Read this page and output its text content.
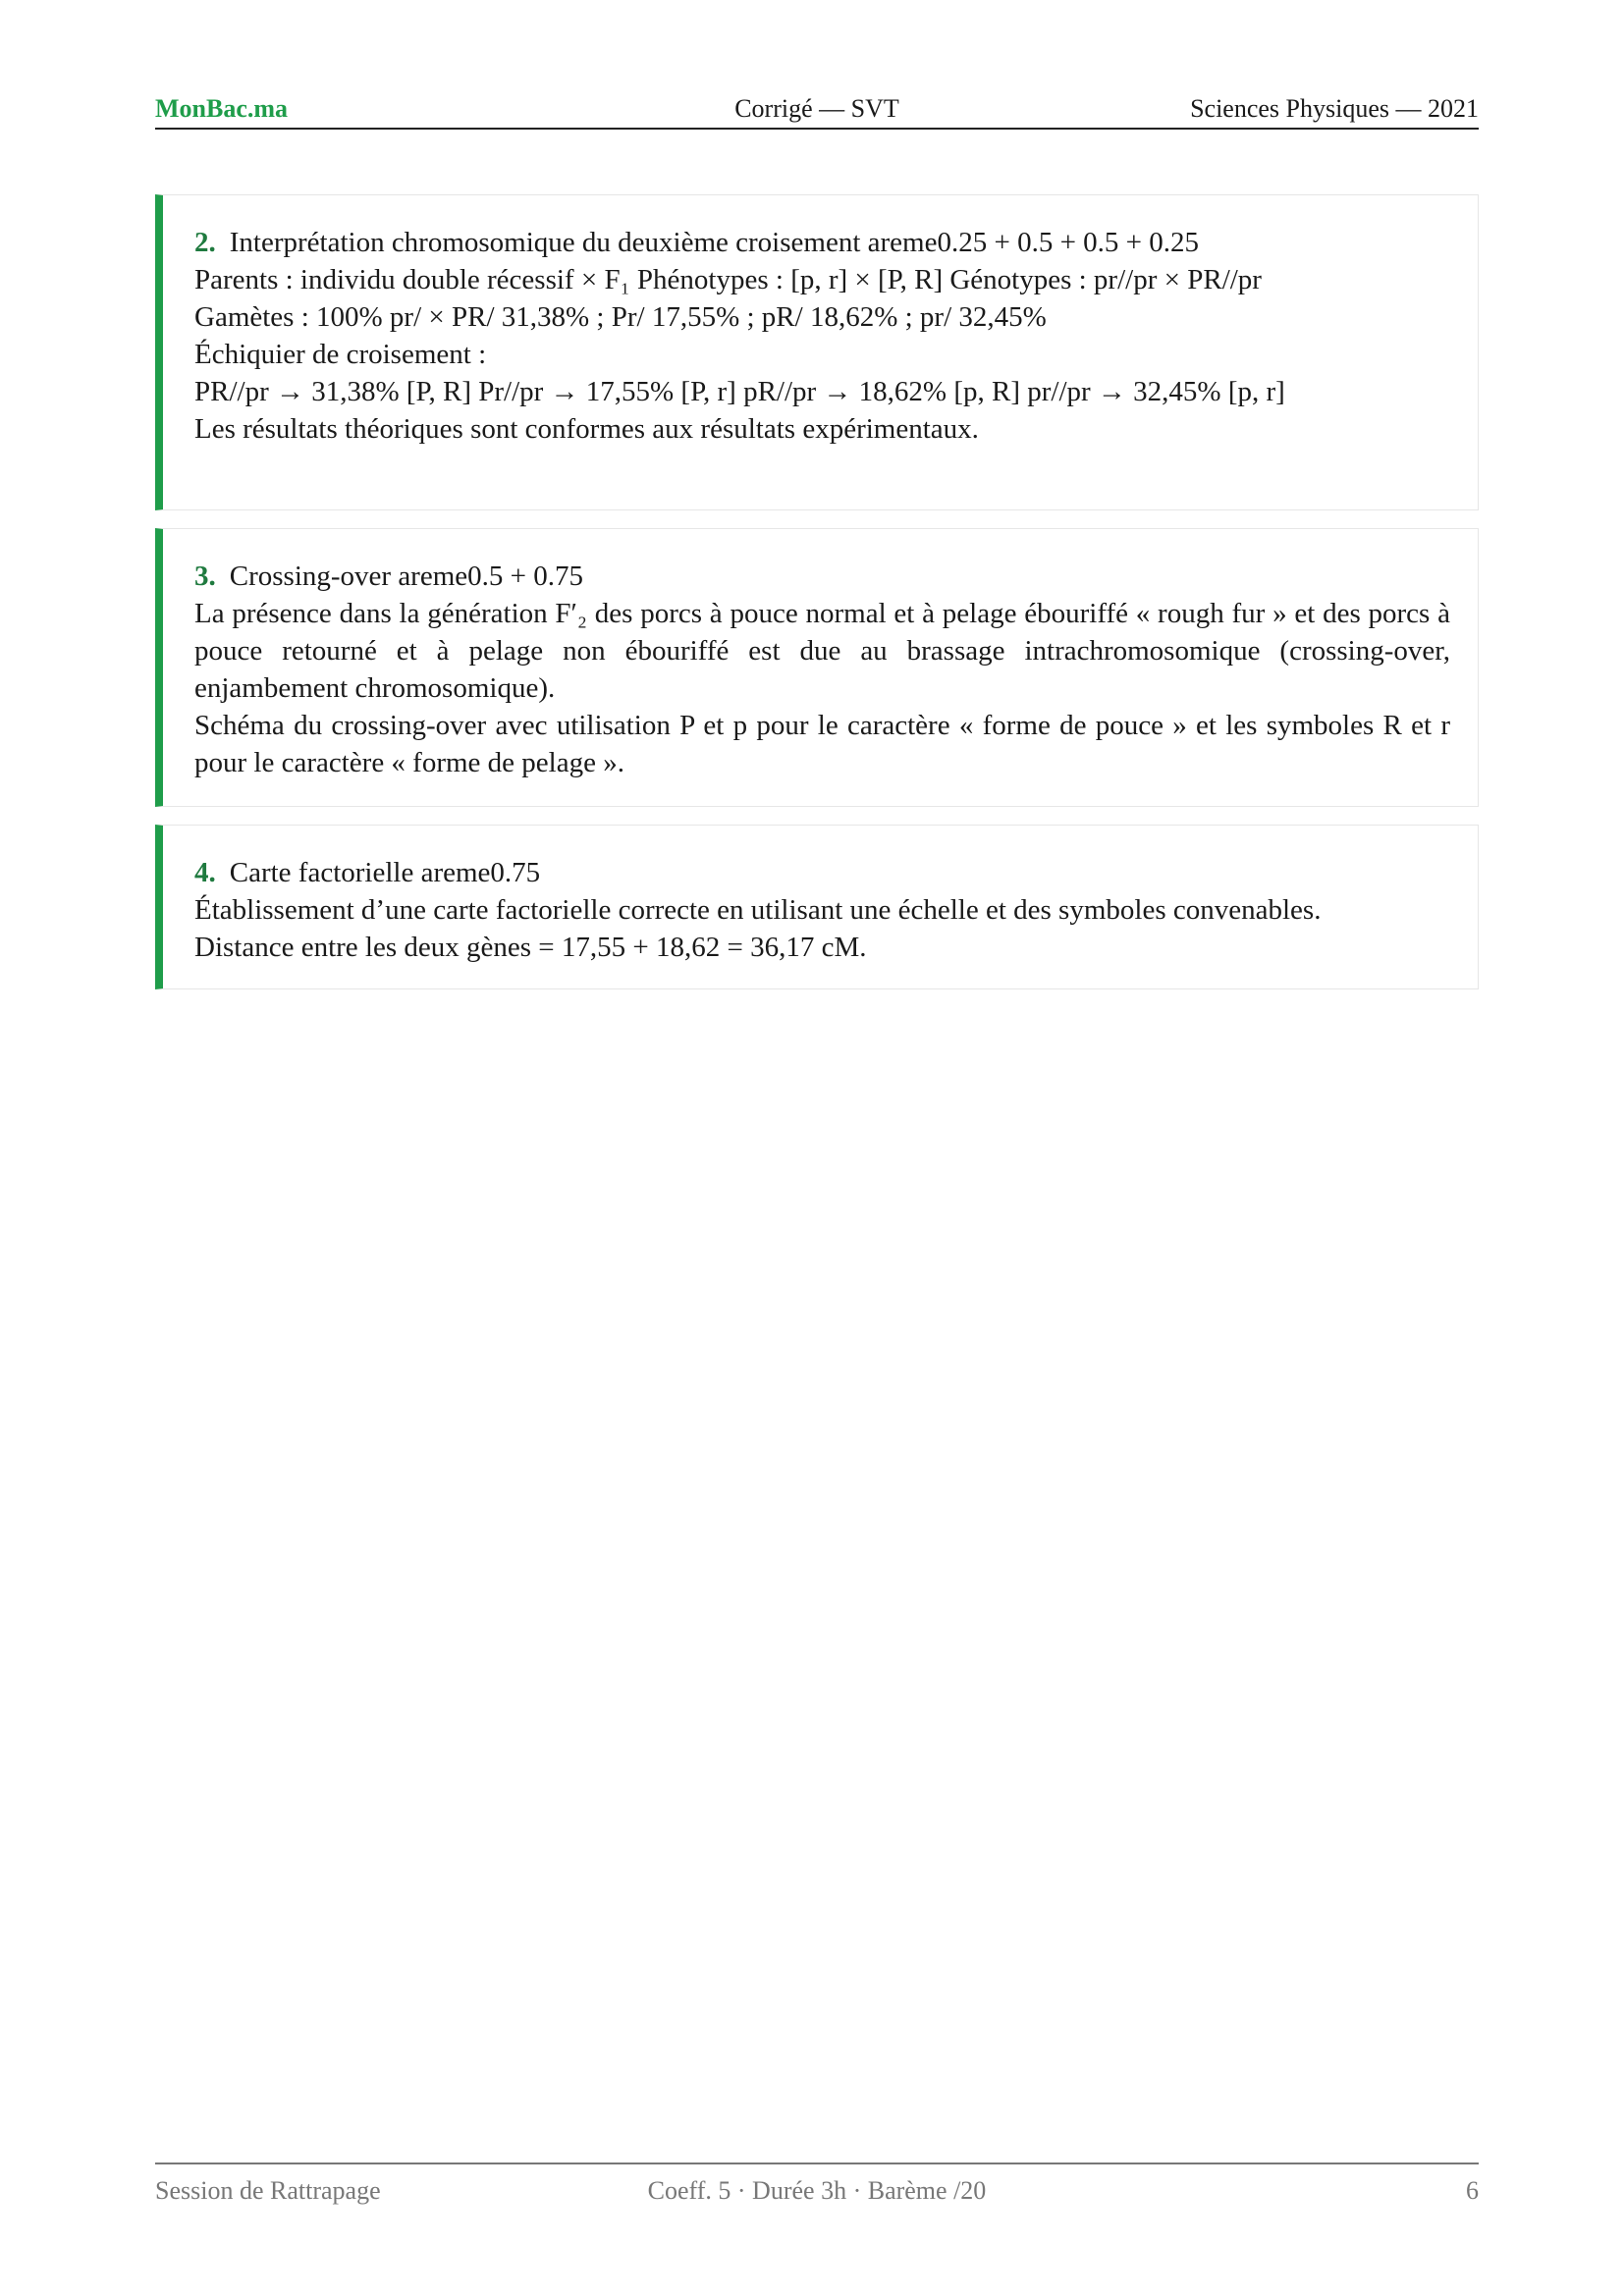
MonBac.ma	Corrigé — SVT	Sciences Physiques — 2021

2. Interprétation chromosomique du deuxième croisement areme0.25 + 0.5 + 0.5 + 0.25

Parents : individu double récessif × F₁ Phénotypes : [p, r] × [P, R] Génotypes : pr//pr × PR//pr

Gamètes : 100% pr/ × PR/ 31,38% ; Pr/ 17,55% ; pR/ 18,62% ; pr/ 32,45%

Échiquier de croisement :

PR//pr → 31,38% [P, R] Pr//pr → 17,55% [P, r] pR//pr → 18,62% [p, R] pr//pr → 32,45% [p, r]

Les résultats théoriques sont conformes aux résultats expérimentaux.

3. Crossing-over areme0.5 + 0.75

La présence dans la génération F′₂ des porcs à pouce normal et à pelage ébouriffé « rough fur » et des porcs à pouce retourné et à pelage non ébouriffé est due au brassage intrachromosomique (crossing-over, enjambement chromosomique).

Schéma du crossing-over avec utilisation P et p pour le caractère « forme de pouce » et les symboles R et r pour le caractère « forme de pelage ».

4. Carte factorielle areme0.75

Établissement d’une carte factorielle correcte en utilisant une échelle et des symboles convenables.

Distance entre les deux gènes = 17,55 + 18,62 = 36,17 cM.

Session de Rattrapage	Coeff. 5 · Durée 3h · Barème /20	6
